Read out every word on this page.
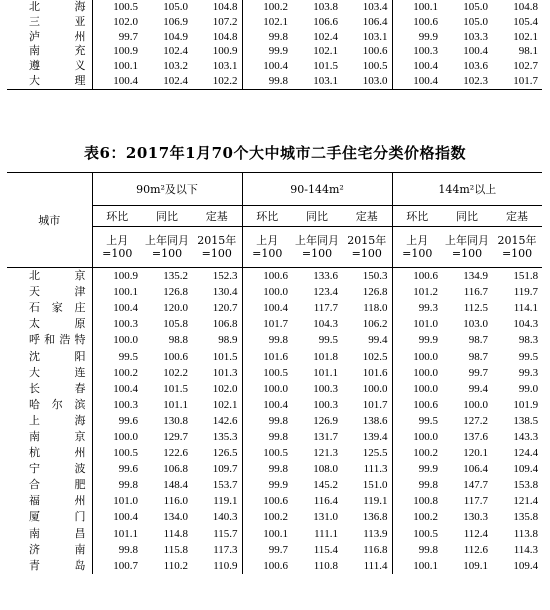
北海	100.5	105.0	104.8	100.2	103.8	103.4	100.1	105.0	104.8
三亚	102.0	106.9	107.2	102.1	106.6	106.4	100.6	105.0	105.4
泸州	99.7	104.9	104.8	99.8	102.4	103.1	99.9	103.3	102.1
南充	100.9	102.4	100.9	99.9	102.1	100.6	100.3	100.4	98.1
遵义	100.1	103.2	103.1	100.4	101.5	100.5	100.4	103.6	102.7
大理	100.4	102.4	102.2	99.8	103.1	103.0	100.4	102.3	101.7
表6：2017年1月70个大中城市二手住宅分类价格指数
城市	90m²及以下			90-144m²			144m²以上		
	环比	同比	定基	环比	同比	定基	环比	同比	定基
	上月 =100	上年同月 =100	2015年 =100	上月 =100	上年同月 =100	2015年 =100	上月 =100	上年同月 =100	2015年 =100
北京	100.9	135.2	152.3	100.6	133.6	150.3	100.6	134.9	151.8
天津	100.1	126.8	130.4	100.0	123.4	126.8	101.2	116.7	119.7
石家庄	100.4	120.0	120.7	100.4	117.7	118.0	99.3	112.5	114.1
太原	100.3	105.8	106.8	101.7	104.3	106.2	101.0	103.0	104.3
呼和浩特	100.0	98.8	98.9	99.8	99.5	99.4	99.9	98.7	98.3
沈阳	99.5	100.6	101.5	101.6	101.8	102.5	100.0	98.7	99.5
大连	100.2	102.2	101.3	100.5	101.1	101.6	100.0	99.7	99.3
长春	100.4	101.5	102.0	100.0	100.3	100.0	100.0	99.4	99.0
哈尔滨	100.3	101.1	102.1	100.4	100.3	101.7	100.6	100.0	101.9
上海	99.6	130.8	142.6	99.8	126.9	138.6	99.5	127.2	138.5
南京	100.0	129.7	135.3	99.8	131.7	139.4	100.0	137.6	143.3
杭州	100.5	122.6	126.5	100.5	121.3	125.5	100.2	120.1	124.4
宁波	99.6	106.8	109.7	99.8	108.0	111.3	99.9	106.4	109.4
合肥	99.8	148.4	153.7	99.9	145.2	151.0	99.8	147.7	153.8
福州	101.0	116.0	119.1	100.6	116.4	119.1	100.8	117.7	121.4
厦门	100.4	134.0	140.3	100.2	131.0	136.8	100.2	130.3	135.8
南昌	101.1	114.8	115.7	100.1	111.1	113.9	100.5	112.4	113.8
济南	99.8	115.8	117.3	99.7	115.4	116.8	99.8	112.6	114.3
青岛	100.7	110.2	110.9	100.6	110.8	111.4	100.1	109.1	109.4
